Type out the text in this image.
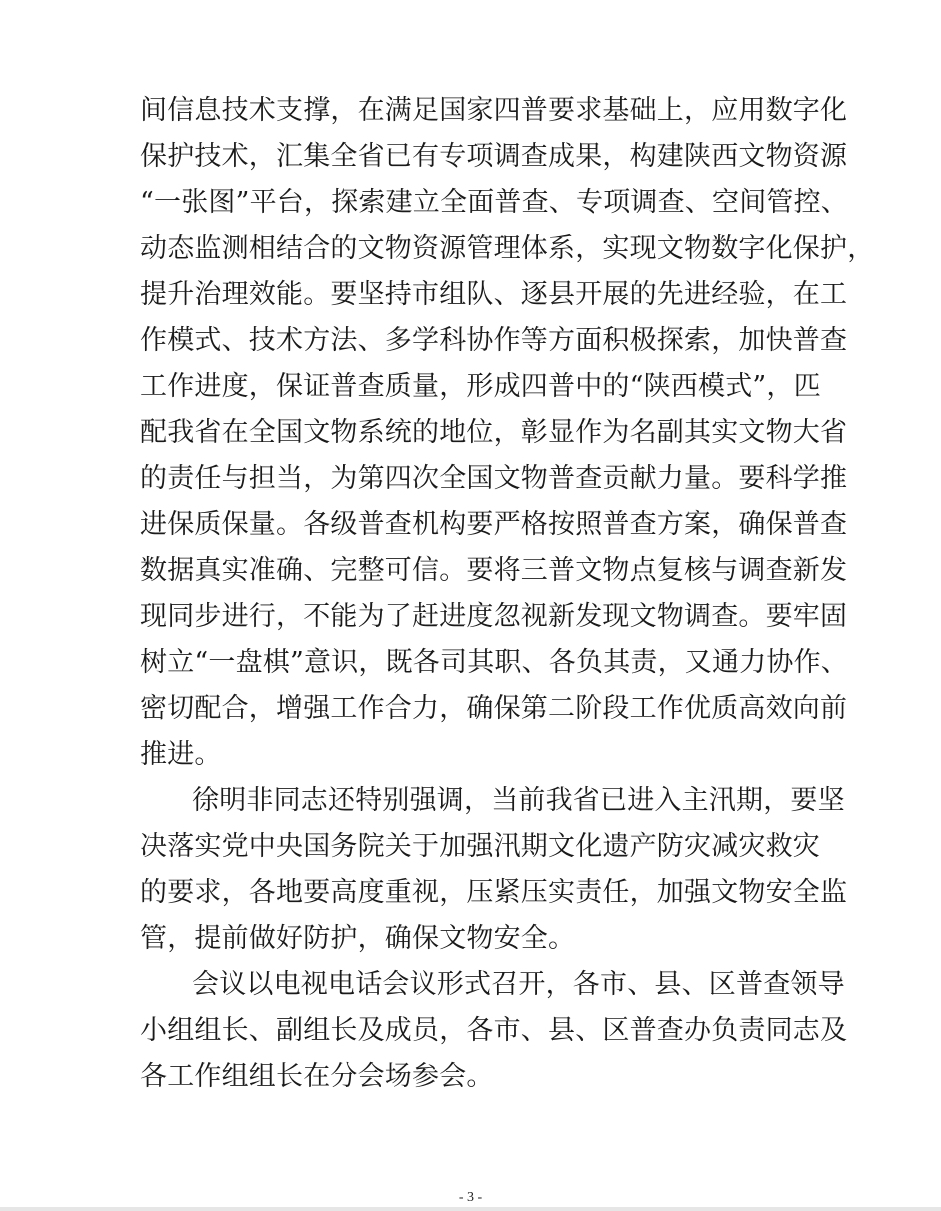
间信息技术支撑，在满足国家四普要求基础上，应用数字化
保护技术，汇集全省已有专项调查成果，构建陕西文物资源
“一张图”平台，探索建立全面普查、专项调查、空间管控、
动态监测相结合的文物资源管理体系，实现文物数字化保护，
提升治理效能。要坚持市组队、逐县开展的先进经验，在工
作模式、技术方法、多学科协作等方面积极探索，加快普查
工作进度，保证普查质量，形成四普中的“陕西模式”，匹
配我省在全国文物系统的地位，彰显作为名副其实文物大省
的责任与担当，为第四次全国文物普查贡献力量。要科学推
进保质保量。各级普查机构要严格按照普查方案，确保普查
数据真实准确、完整可信。要将三普文物点复核与调查新发
现同步进行，不能为了赶进度忽视新发现文物调查。要牢固
树立“一盘棋”意识，既各司其职、各负其责，又通力协作、
密切配合，增强工作合力，确保第二阶段工作优质高效向前
推进。
徐明非同志还特别强调，当前我省已进入主汛期，要坚
决落实党中央国务院关于加强汛期文化遗产防灾减灾救灾
的要求，各地要高度重视，压紧压实责任，加强文物安全监
管，提前做好防护，确保文物安全。
会议以电视电话会议形式召开，各市、县、区普查领导
小组组长、副组长及成员，各市、县、区普查办负责同志及
各工作组组长在分会场参会。
- 3 -
